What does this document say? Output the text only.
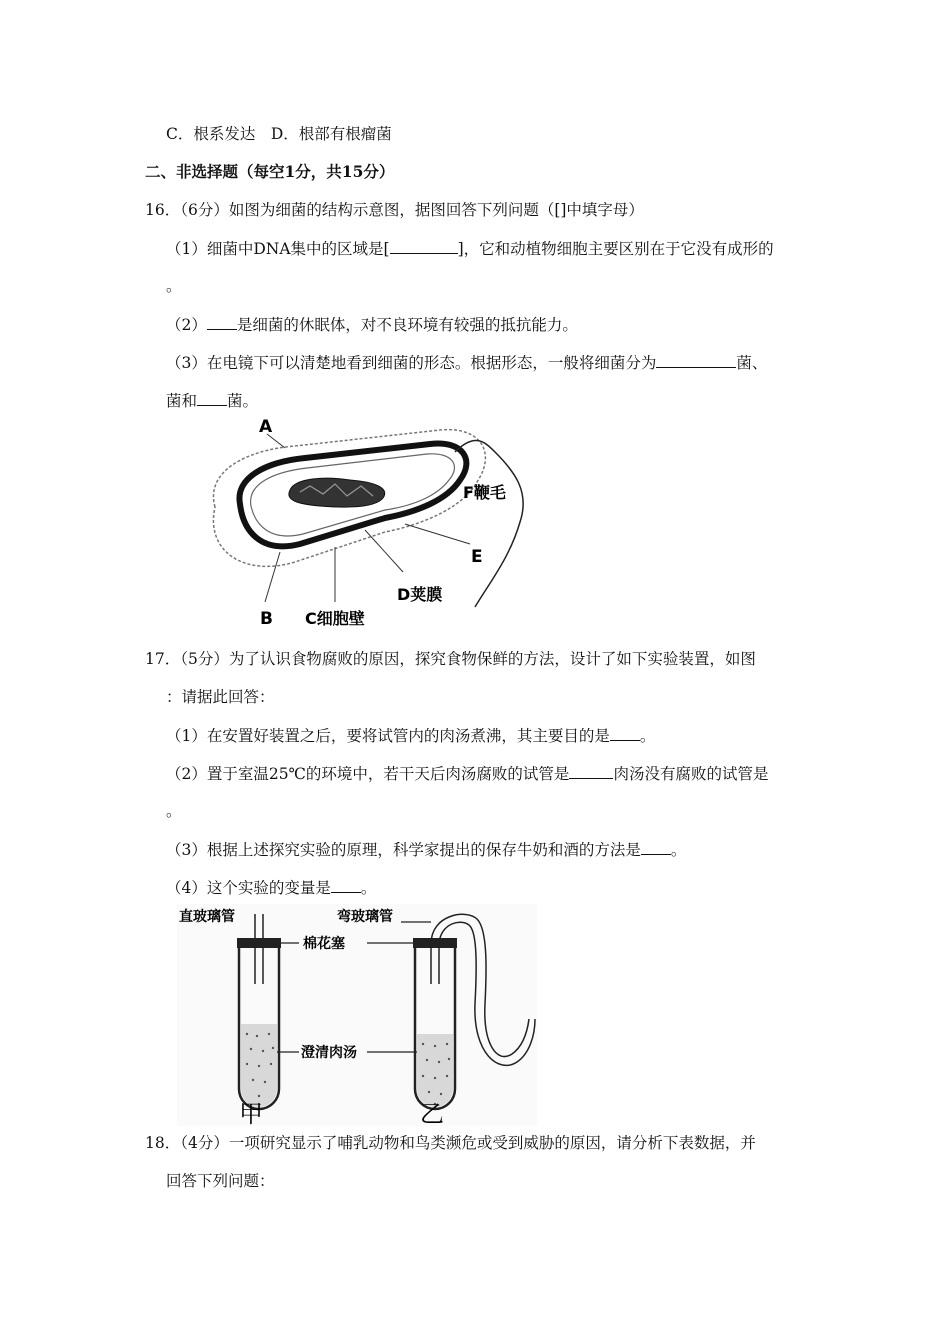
C．根系发达　D．根部有根瘤菌
二、非选择题（每空1分，共15分）
16．（6分）如图为细菌的结构示意图，据图回答下列问题（[]中填字母）
（1）细菌中DNA集中的区域是[	]，它和动植物细胞主要区别在于它没有成形的
。
（2） 是细菌的休眠体，对不良环境有较强的抵抗能力。
（3）在电镜下可以清楚地看到细菌的形态。根据形态，一般将细菌分为	菌、
菌和 菌。
A
F鞭毛
E
D荚膜
B C细胞壁
17．（5分）为了认识食物腐败的原因，探究食物保鲜的方法，设计了如下实验装置，如图
：请据此回答：
（1）在安置好装置之后，要将试管内的肉汤煮沸，其主要目的是 。
（2）置于室温25℃的环境中，若干天后肉汤腐败的试管是	肉汤没有腐败的试管是
。
（3）根据上述探究实验的原理，科学家提出的保存牛奶和酒的方法是 。
（4）这个实验的变量是 。
直玻璃管	弯玻璃管
棉花塞
澄清肉汤
甲	乙
18．（4分）一项研究显示了哺乳动物和鸟类濒危或受到威胁的原因，请分析下表数据，并
回答下列问题：
